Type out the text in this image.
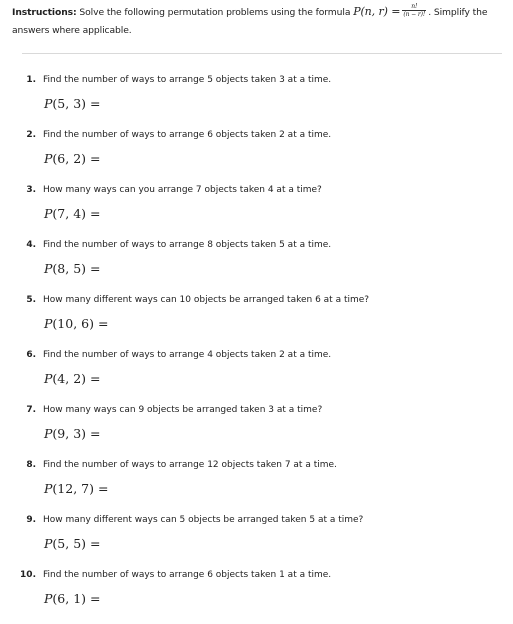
Instructions: Solve the following permutation problems using the formula P(n, $r) = \frac{n!}{(n - r)!}$ . Simplify the answers where applicable.
1. Find the number of ways to arrange 5 objects taken 3 at a time.
P(5, 3) =
2. Find the number of ways to arrange 6 objects taken 2 at a time.
P(6, 2) =
3. How many ways can you arrange 7 objects taken 4 at a time?
P(7, 4) =
4. Find the number of ways to arrange 8 objects taken 5 at a time.
P(8, 5) =
5. How many different ways can 10 objects be arranged taken 6 at a time?
P(10, 6) =
6. Find the number of ways to arrange 4 objects taken 2 at a time.
P(4, 2) =
7. How many ways can 9 objects be arranged taken 3 at a time?
P(9, 3) =
8. Find the number of ways to arrange 12 objects taken 7 at a time.
P(12, 7) =
9. How many different ways can 5 objects be arranged taken 5 at a time?
P(5, 5) =
10. Find the number of ways to arrange 6 objects taken 1 at a time.
P(6, 1) =
